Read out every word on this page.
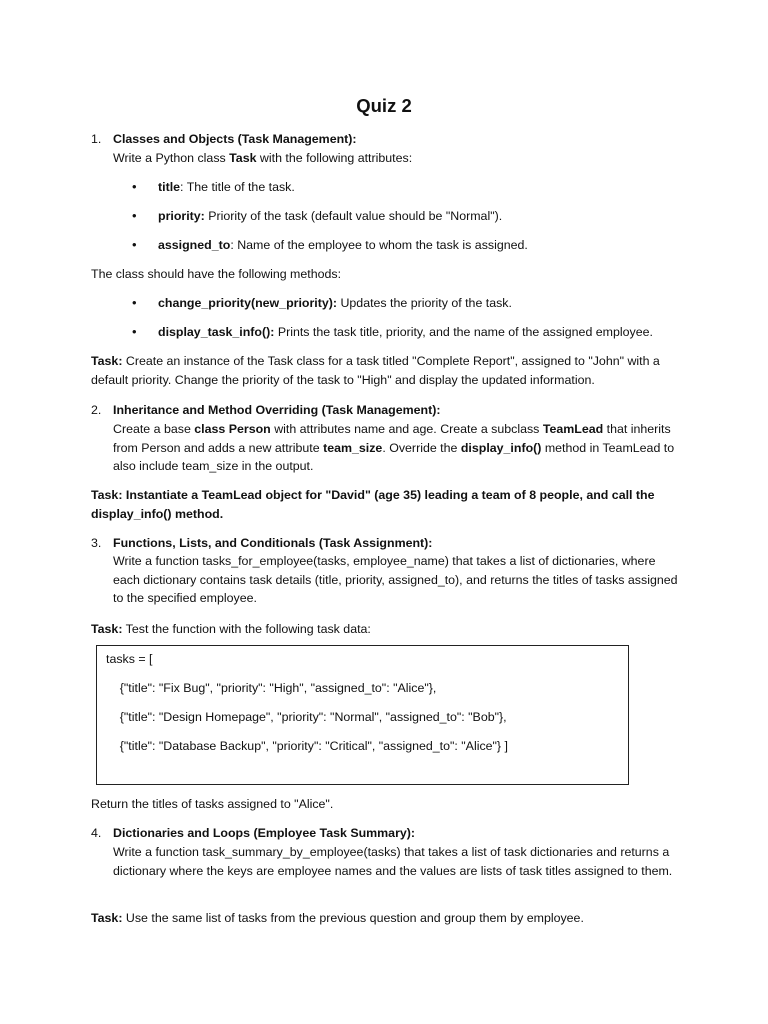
Quiz 2
1. Classes and Objects (Task Management):
Write a Python class Task with the following attributes:
• title: The title of the task.
• priority: Priority of the task (default value should be "Normal").
• assigned_to: Name of the employee to whom the task is assigned.
The class should have the following methods:
• change_priority(new_priority): Updates the priority of the task.
• display_task_info(): Prints the task title, priority, and the name of the assigned employee.
Task: Create an instance of the Task class for a task titled "Complete Report", assigned to "John" with a default priority. Change the priority of the task to "High" and display the updated information.
2. Inheritance and Method Overriding (Task Management):
Create a base class Person with attributes name and age. Create a subclass TeamLead that inherits from Person and adds a new attribute team_size. Override the display_info() method in TeamLead to also include team_size in the output.
Task: Instantiate a TeamLead object for "David" (age 35) leading a team of 8 people, and call the display_info() method.
3. Functions, Lists, and Conditionals (Task Assignment):
Write a function tasks_for_employee(tasks, employee_name) that takes a list of dictionaries, where each dictionary contains task details (title, priority, assigned_to), and returns the titles of tasks assigned to the specified employee.
Task: Test the function with the following task data:
tasks = [
{"title": "Fix Bug", "priority": "High", "assigned_to": "Alice"},
{"title": "Design Homepage", "priority": "Normal", "assigned_to": "Bob"},
{"title": "Database Backup", "priority": "Critical", "assigned_to": "Alice"} ]
Return the titles of tasks assigned to "Alice".
4. Dictionaries and Loops (Employee Task Summary):
Write a function task_summary_by_employee(tasks) that takes a list of task dictionaries and returns a dictionary where the keys are employee names and the values are lists of task titles assigned to them.
Task: Use the same list of tasks from the previous question and group them by employee.
